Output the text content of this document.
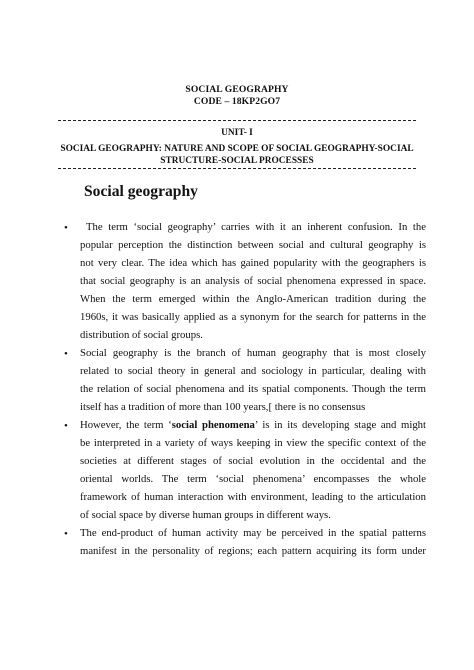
SOCIAL GEOGRAPHY
CODE – 18KP2GO7
UNIT- I
SOCIAL GEOGRAPHY: NATURE AND SCOPE OF SOCIAL GEOGRAPHY-SOCIAL
STRUCTURE-SOCIAL PROCESSES
Social geography
•	The term ‘social geography’ carries with it an inherent confusion. In the
popular perception the distinction between social and cultural geography is
not very clear. The idea which has gained popularity with the geographers is
that social geography is an analysis of social phenomena expressed in space.
When the term emerged within the Anglo-American tradition during the
1960s, it was basically applied as a synonym for the search for patterns in the
distribution of social groups.
• Social geography is the branch of human geography that is most closely
related to social theory in general and sociology in particular, dealing with
the relation of social phenomena and its spatial components. Though the term
itself has a tradition of more than 100 years,[ there is no consensus
• However, the term ‘social phenomena’ is in its developing stage and might
be interpreted in a variety of ways keeping in view the specific context of the
societies at different stages of social evolution in the occidental and the
oriental worlds. The term ‘social phenomena’ encompasses the whole
framework of human interaction with environment, leading to the articulation
of social space by diverse human groups in different ways.
• The end-product of human activity may be perceived in the spatial patterns
manifest in the personality of regions; each pattern acquiring its form under
